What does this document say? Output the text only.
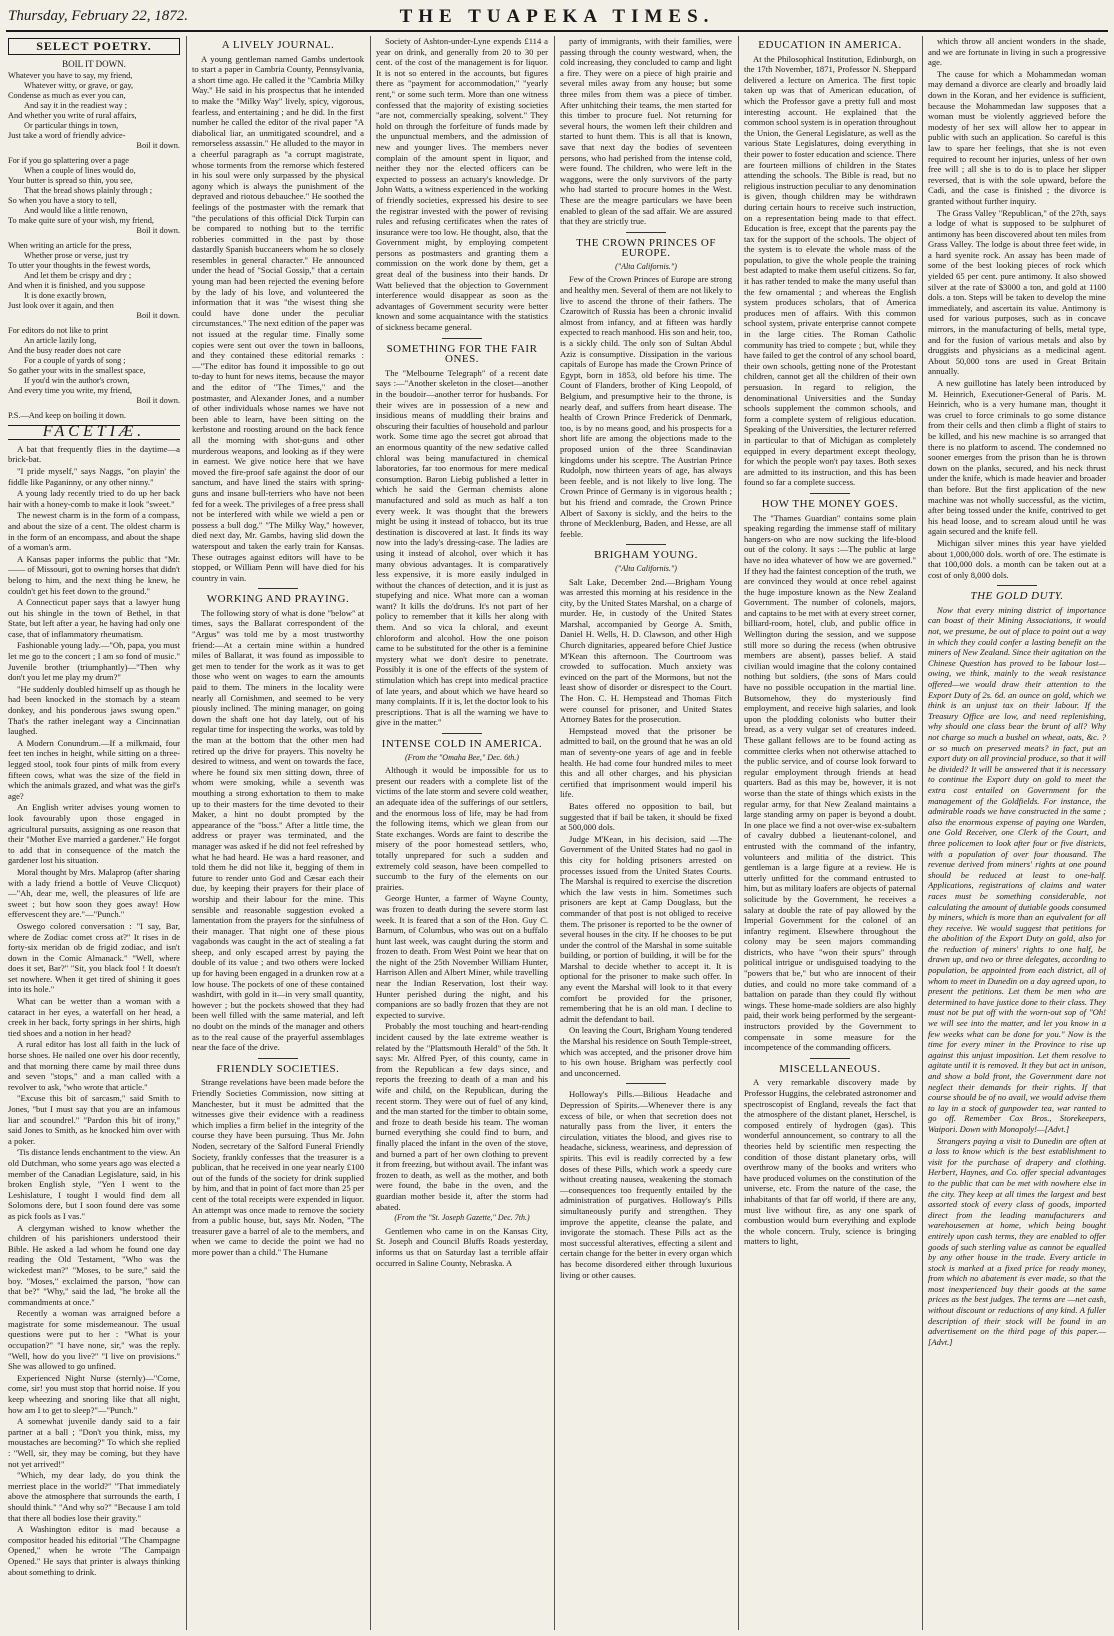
Thursday, February 22, 1872.	THE TUAPEKA TIMES.
SELECT POETRY.
BOIL IT DOWN.

Whatever you have to say, my friend,

Whatever witty, or grave, or gay,

Condense as much as ever you can,

And say it in the readiest way ;

And whether you write of rural affairs,

Or particular things in town,

Just take a word of friendly advice-

Boil it down.

For if you go splattering over a page

When a couple of lines would do,

Your butter is spread so thin, you see,

That the bread shows plainly through ;

So when you have a story to tell,

And would like a little renown,

To make quite sure of your wish, my friend,

Boil it down.

When writing an article for the press,

Whether prose or verse, just try

To utter your thoughts in the fewest words,

And let them be crispy and dry ;

And when it is finished, and you suppose

It is done exactly brown,

Just look over it again, and then

Boil it down.

For editors do not like to print

An article lazily long,

And the busy reader does not care

For a couple of yards of song ;

So gather your wits in the smallest space,

If you'd win the author's crown,

And every time you write, my friend,

Boil it down.

P.S.—And keep on boiling it down.

FACETIÆ.

A bat that frequently flies in the daytime—a brick-bat.

"I pride myself," says Naggs, "on playin' the fiddle like Paganinny, or any other ninny."

A young lady recently tried to do up her back hair with a honey-comb to make it look "sweet."

The newest charm is in the form of a compass, and about the size of a cent. The oldest charm is in the form of an encompass, and about the shape of a woman's arm.

A Kansas paper informs the public that "Mr. —— of Missouri, got to owning horses that didn't belong to him, and the next thing he knew, he couldn't get his feet down to the ground."

A Connecticut paper says that a lawyer hung out his shingle in the town of Bethel, in that State, but left after a year, he having had only one case, that of inflammatory rheumatism.

Fashionable young lady.—"Oh, papa, you must let me go to the concert ; I am so fond of music." Juvenile brother (triumphantly)—"Then why don't you let me play my drum?"

"He suddenly doubled himself up as though he had been knocked in the stomach by a steam donkey, and his ponderous jaws swung open." That's the rather inelegant way a Cincinnatian laughed.

A Modern Conundrum.—If a milkmaid, four feet ten inches in height, while sitting on a three-legged stool, took four pints of milk from every fifteen cows, what was the size of the field in which the animals grazed, and what was the girl's age?

An English writer advises young women to look favourably upon those engaged in agricultural pursuits, assigning as one reason that their "Mother Eve married a gardener." He forgot to add that in consequence of the match the gardener lost his situation.

Moral thought by Mrs. Malaprop (after sharing with a lady friend a bottle of Veuve Clicquot)—"Ah, dear me, well, the pleasures of life are sweet ; but how soon they goes away! How effervescent they are."—"Punch."

Oswego colored conversation : "I say, Bar, where de Zodiac comet cross at?" It rises in de forty-six meridan ob de frigid zodiac, and isn't down in the Comic Almanack." "Well, where does it set, Bar?" "Sit, you black fool ! It doesn't set nowhere. When it get tired of shining it goes into its hole."

What can be wetter than a woman with a cataract in her eyes, a waterfall on her head, a creek in her back, forty springs in her shirts, high tied shoes and a notion in her head?

A rural editor has lost all faith in the luck of horse shoes. He nailed one over his door recently, and that morning there came by mail three duns and seven "stops," and a man called with a revolver to ask, "who wrote that article."

"Excuse this bit of sarcasm," said Smith to Jones, "but I must say that you are an infamous liar and scoundrel." "Pardon this bit of irony," said Jones to Smith, as he knocked him over with a poker.

'Tis distance lends enchantment to the view. An old Dutchman, who some years ago was elected a member of the Canadian Legislature, said, in his broken English style, "Yen I went to the Leshislature, I tought I would find dem all Solomons dere, but I soon found dere vas some as pick fools as I vas."

A clergyman wished to know whether the children of his parishioners understood their Bible. He asked a lad whom he found one day reading the Old Testament, "Who was the wickedest man?" "Moses, to be sure," said the boy. "Moses," exclaimed the parson, "how can that be?" "Why," said the lad, "he broke all the commandments at once."

Recently a woman was arraigned before a magistrate for some misdemeanour. The usual questions were put to her : "What is your occupation?" "I have none, sir," was the reply. "Well, how do you live?" "I live on provisions." She was allowed to go unfined.

Experienced Night Nurse (sternly)—"Come, come, sir! you must stop that horrid noise. If you keep wheezing and snoring like that all night, how am I to get to sleep?"—"Punch."

A somewhat juvenile dandy said to a fair partner at a ball ; "Don't you think, miss, my moustaches are becoming?" To which she replied : "Well, sir, they may be coming, but they have not yet arrived!"

"Which, my dear lady, do you think the merriest place in the world?" "That immediately above the atmosphere that surrounds the earth, I should think." "And why so?" "Because I am told that there all bodies lose their gravity."

A Washington editor is mad because a compositor headed his editorial "The Champagne Opened," when he wrote "The Campaign Opened." He says that printer is always thinking about something to drink.

A LIVELY JOURNAL.

A young gentleman named Gambs undertook to start a paper in Cambria County, Pennsylvania, a short time ago. He called it the "Cambria Milky Way." He said in his prospectus that he intended to make the "Milky Way" lively, spicy, vigorous, fearless, and entertaining ; and he did. In the first number he called the editor of the rival paper "A diabolical liar, an unmitigated scoundrel, and a remorseless assassin." He alluded to the mayor in a cheerful paragraph as "a corrupt magistrate, whose torments from the remorse which festered in his soul were only surpassed by the physical agony which is always the punishment of the depraved and riotous debauchee." He soothed the feelings of the postmaster with the remark that "the peculations of this official Dick Turpin can be compared to nothing but to the terrific robberies committed in the past by those dastardly Spanish buccaneers whom he so closely resembles in general character." He announced under the head of "Social Gossip," that a certain young man had been rejected the evening before by the lady of his love, and volunteered the information that it was "the wisest thing she could have done under the peculiar circumstances." The next edition of the paper was not issued at the regular time. Finally some copies were sent out over the town in balloons, and they contained these editorial remarks :—"The editor has found it impossible to go out to-day to hunt for news items, because the mayor and the editor of "The Times," and the postmaster, and Alexander Jones, and a number of other individuals whose names we have not been able to learn, have been sitting on the kerbstone and roosting around on the back fence all the morning with shot-guns and other murderous weapons, and looking as if they were in earnest. We give notice here that we have moved the fire-proof safe against the door of our sanctum, and have lined the stairs with spring-guns and insane bull-terriers who have not been fed for a week. The privileges of a free press shall not be interfered with while we wield a pen or possess a bull dog." "The Milky Way," however, died next day, Mr. Gambs, having slid down the waterspout and taken the early train for Kansas. These outrages against editors will have to be stopped, or William Penn will have died for his country in vain.

WORKING AND PRAYING.

The following story of what is done "below" at times, says the Ballarat correspondent of the "Argus" was told me by a most trustworthy friend:—At a certain mine within a hundred miles of Ballarat, it was found as impossible to get men to tender for the work as it was to get those who went on wages to earn the amounts paid to them. The miners in the locality were nearly all Cornishmen, and seemed to be very piously inclined. The mining manager, on going down the shaft one hot day lately, out of his regular time for inspecting the works, was told by the man at the bottom that the other men had retired up the drive for prayers. This novelty he desired to witness, and went on towards the face, where he found six men sitting down, three of whom were smoking, while a seventh was mouthing a strong exhortation to them to make up to their masters for the time devoted to their Maker, a hint no doubt prompted by the appearance of the "boss." After a little time, the address or prayer was terminated, and the manager was asked if he did not feel refreshed by what he had heard. He was a hard reasoner, and told them he did not like it, begging of them in future to render unto God and Cæsar each their due, by keeping their prayers for their place of worship and their labour for the mine. This sensible and reasonable suggestion evoked a lamentation from the prayers for the sinfulness of their manager. That night one of these pious vagabonds was caught in the act of stealing a fat sheep, and only escaped arrest by paying the double of its value ; and two others were locked up for having been engaged in a drunken row at a low house. The pockets of one of these contained washdirt, with gold in it—in very small quantity, however ; but the pockets showed that they had been well filled with the same material, and left no doubt on the minds of the manager and others as to the real cause of the prayerful assemblages near the face of the drive.

FRIENDLY SOCIETIES.

Strange revelations have been made before the Friendly Societies Commission, now sitting at Manchester, but it must be admitted that the witnesses give their evidence with a readiness which implies a firm belief in the integrity of the course they have been pursuing. Thus Mr. John Noden, secretary of the Salford Funeral Friendly Society, frankly confesses that the treasurer is a publican, that he received in one year nearly £100 out of the funds of the society for drink supplied by him, and that in point of fact more than 25 per cent of the total receipts were expended in liquor. An attempt was once made to remove the society from a public house, but, says Mr. Noden, "The treasurer gave a barrel of ale to the members, and when we came to decide the point we had no more power than a child." The Humane

Society of Ashton-under-Lyne expends £114 a year on drink, and generally from 20 to 30 per cent. of the cost of the management is for liquor. It is not so entered in the accounts, but figures there as "payment for accommodation," "yearly rent," or some such term. More than one witness confessed that the majority of existing societies "are not, commercially speaking, solvent." They hold on through the forfeiture of funds made by the unpunctual members, and the admission of new and younger lives. The members never complain of the amount spent in liquor, and neither they nor the elected officers can be expected to possess an actuary's knowledge. Dr John Watts, a witness experienced in the working of friendly societies, expressed his desire to see the registrar invested with the power of revising rules and refusing certificates when the rates of insurance were too low. He thought, also, that the Government might, by employing competent persons as postmasters and granting them a commission on the work done by them, get a great deal of the business into their hands. Dr Watt believed that the objection to Government interference would disappear as soon as the advantages of Government security were better known and some acquaintance with the statistics of sickness became general.

SOMETHING FOR THE FAIR ONES.

The "Melbourne Telegraph" of a recent date says :—"Another skeleton in the closet—another in the boudoir—another terror for husbands. For their wives are in possession of a new and insidious means of muddling their brains and obscuring their faculties of household and parlour work. Some time ago the secret got abroad that an enormous quantity of the new sedative called chloral was being manufactured in chemical laboratories, far too enormous for mere medical consumption. Baron Liebig published a letter in which he said the German chemists alone manufactured and sold as much as half a ton every week. It was thought that the brewers might be using it instead of tobacco, but its true destination is discovered at last. It finds its way now into the lady's dressing-case. The ladies are using it instead of alcohol, over which it has many obvious advantages. It is comparatively less expensive, it is more easily indulged in without the chances of detection, and it is just as stupefying and nice. What more can a woman want? It kills the do'druns. It's not part of her policy to remember that it kills her along with them. And so vica la chloral, and exeunt chloroform and alcohol. How the one poison came to be substituted for the other is a feminine mystery what we don't desire to penetrate. Possibly it is one of the effects of the system of stimulation which has crept into medical practice of late years, and about which we have heard so many complaints. If it is, let the doctor look to his prescriptions. That is all the warning we have to give in the matter."

INTENSE COLD IN AMERICA.
(From the "Omaha Bee," Dec. 6th.)

Although it would be impossible for us to present our readers with a complete list of the victims of the late storm and severe cold weather, an adequate idea of the sufferings of our settlers, and the enormous loss of life, may be had from the following items, which we glean from our State exchanges. Words are faint to describe the misery of the poor homestead settlers, who, totally unprepared for such a sudden and extremely cold season, have been compelled to succumb to the fury of the elements on our prairies.

George Hunter, a farmer of Wayne County, was frozen to death during the severe storm last week. It is feared that a son of the Hon. Guy C. Barnum, of Columbus, who was out on a buffalo hunt last week, was caught during the storm and frozen to death. From West Point we hear that on the night of the 25th November William Hunter, Harrison Allen and Albert Miner, while travelling near the Indian Reservation, lost their way. Hunter perished during the night, and his companions are so badly frozen that they are not expected to survive.

Probably the most touching and heart-rending incident caused by the late extreme weather is related by the "Plattsmouth Herald" of the 5th. It says: Mr. Alfred Pyer, of this county, came in from the Republican a few days since, and reports the freezing to death of a man and his wife and child, on the Republican, during the recent storm. They were out of fuel of any kind, and the man started for the timber to obtain some, and froze to death beside his team. The woman burned everything she could find to burn, and finally placed the infant in the oven of the stove, and burned a part of her own clothing to prevent it from freezing, but without avail. The infant was frozen to death, as well as the mother, and both were found, the babe in the oven, and the guardian mother beside it, after the storm had abated.

(From the "St. Joseph Gazette," Dec. 7th.)

Gentlemen who came in on the Kansas City, St. Joseph and Council Bluffs Roads yesterday, informs us that on Saturday last a terrible affair occurred in Saline County, Nebraska. A

party of immigrants, with their families, were passing through the county westward, when, the cold increasing, they concluded to camp and light a fire. They were on a piece of high prairie and several miles away from any house; but some three miles from them was a piece of timber. After unhitching their teams, the men started for this timber to procure fuel. Not returning for several hours, the women left their children and started to hunt them. This is all that is known, save that next day the bodies of seventeen persons, who had perished from the intense cold, were found. The children, who were left in the waggons, were the only survivors of the party who had started to procure homes in the West. These are the meagre particulars we have been enabled to glean of the sad affair. We are assured that they are strictly true.

THE CROWN PRINCES OF EUROPE.
("Alta Californis.")

Few of the Crown Princes of Europe are strong and healthy men. Several of them are not likely to live to ascend the throne of their fathers. The Czarowitch of Russia has been a chronic invalid almost from infancy, and at fifteen was hardly expected to reach manhood. His son and heir, too, is a sickly child. The only son of Sultan Abdul Aziz is consumptive. Dissipation in the various capitals of Europe has made the Crown Prince of Egypt, born in 1853, old before his time. The Count of Flanders, brother of King Leopold, of Belgium, and presumptive heir to the throne, is nearly deaf, and suffers from heart disease. The health of Crown Prince Frederick of Denmark, too, is by no means good, and his prospects for a short life are among the objections made to the proposed union of the three Scandinavian kingdoms under his sceptre. The Austrian Prince Rudolph, now thirteen years of age, has always been feeble, and is not likely to live long. The Crown Prince of Germany is in vigorous health ; but his friend and comrade, the Crown Prince Albert of Saxony is sickly, and the heirs to the throne of Mecklenburg, Baden, and Hesse, are all feeble.

BRIGHAM YOUNG.
("Alta Californis.")

Salt Lake, December 2nd.—Brigham Young was arrested this morning at his residence in the city, by the United States Marshal, on a charge of murder. He, in custody of the United States Marshal, accompanied by George A. Smith, Daniel H. Wells, H. D. Clawson, and other High Church dignitaries, appeared before Chief Justice M'Kean this afternoon. The Courtroom was crowded to suffocation. Much anxiety was evinced on the part of the Mormons, but not the least show of disorder or disrespect to the Court. The Hon. C. H. Hempstead and Thomas Fitch were counsel for prisoner, and United States Attorney Bates for the prosecution.

Hempstead moved that the prisoner be admitted to bail, on the ground that he was an old man of seventy-one years of age and in feeble health. He had come four hundred miles to meet this and all other charges, and his physician certified that imprisonment would imperil his life.

Bates offered no opposition to bail, but suggested that if bail be taken, it should be fixed at 500,000 dols.

Judge M'Kean, in his decision, said —The Government of the United States had no gaol in this city for holding prisoners arrested on processes issued from the United States Courts. The Marshal is required to exercise the discretion which the law vests in him. Sometimes such prisoners are kept at Camp Douglass, but the commander of that post is not obliged to receive them. The prisoner is reported to be the owner of several houses in the city. If he chooses to be put under the control of the Marshal in some suitable building, or portion of building, it will be for the Marshal to decide whether to accept it. It is optional for the prisoner to make such offer. In any event the Marshal will look to it that every comfort be provided for the prisoner, remembering that he is an old man. I decline to admit the defendant to bail.

On leaving the Court, Brigham Young tendered the Marshal his residence on South Temple-street, which was accepted, and the prisoner drove him to his own house. Brigham was perfectly cool and unconcerned.

Holloway's Pills.—Bilious Headache and Depression of Spirits.—Whenever there is any excess of bile, or when that secretion does not naturally pass from the liver, it enters the circulation, vitiates the blood, and gives rise to headache, sickness, weariness, and depression of spirits. This evil is readily corrected by a few doses of these Pills, which work a speedy cure without creating nausea, weakening the stomach —consequences too frequently entailed by the administration of purgatives. Holloway's Pills simultaneously purify and strengthen. They improve the appetite, cleanse the palate, and invigorate the stomach. These Pills act as the most successful alteratives, effecting a silent and certain change for the better in every organ which has become disordered either through luxurious living or other causes.

EDUCATION IN AMERICA.

At the Philosophical Institution, Edinburgh, on the 17th November, 1871, Professor N. Sheppard delivered a lecture on America. The first topic taken up was that of American education, of which the Professor gave a pretty full and most interesting account. He explained that the common school system is in operation throughout the Union, the General Legislature, as well as the various State Legislatures, doing everything in their power to foster education and science. There are fourteen millions of children in the States attending the schools. The Bible is read, but no religious instruction peculiar to any denomination is given, though children may be withdrawn during certain hours to receive such instruction, on a representation being made to that effect. Education is free, except that the parents pay the tax for the support of the schools. The object of the system is to elevate the whole mass of the population, to give the whole people the training best adapted to make them useful citizens. So far, it has rather tended to make the many useful than the few ornamental ; and whereas the English system produces scholars, that of America produces men of affairs. With this common school system, private enterprise cannot compete in the large cities. The Roman Catholic community has tried to compete ; but, while they have failed to get the control of any school board, their own schools, getting none of the Protestant children, cannot get all the children of their own persuasion. In regard to religion, the denominational Universities and the Sunday schools supplement the common schools, and form a complete system of religious education. Speaking of the Universities, the lecturer referred in particular to that of Michigan as completely equipped in every department except theology, for which the people won't pay taxes. Both sexes are admitted to its instruction, and this has been found so far a complete success.

HOW THE MONEY GOES.

The "Thames Guardian" contains some plain speaking regarding the immense staff of military hangers-on who are now sucking the life-blood out of the colony. It says :—The public at large have no idea whatever of how we are governed." If they had the faintest conception of the truth, we are convinced they would at once rebel against the huge imposture known as the New Zealand Government. The number of colonels, majors, and captains to be met with at every street corner, billiard-room, hotel, club, and public office in Wellington during the session, and we suppose still more so during the recess (when obtrusive members are absent), passes belief. A staid civilian would imagine that the colony contained nothing but soldiers, (the sons of Mars could have no possible occupation in the martial line. Butsomehow, they do mysteriously find employment, and receive high salaries, and look upon the plodding colonists who butter their bread, as a very vulgar set of creatures indeed. These gallant fellows are to be found acting as committee clerks when not otherwise attached to the public service, and of course look forward to regular employment through friends at head quarters. Bad as this may be, however, it is not worse than the state of things which exists in the regular army, for that New Zealand maintains a large standing army on paper is beyond a doubt. In one place we find a not over-wise ex-subaltern of cavalry dubbed a lieutenant-colonel, and entrusted with the command of the infantry, volunteers and militia of the district. This gentleman is a large figure at a review. He is utterly unfitted for the command entrusted to him, but as military loafers are objects of paternal solicitude by the Government, he receives a salary at double the rate of pay allowed by the Imperial Government for the colonel of an infantry regiment. Elsewhere throughout the colony may be seen majors commanding districts, who have "won their spurs" through political intrigue or undisguised toadying to the "powers that be," but who are innocent of their duties, and could no more take command of a battalion on parade than they could fly without wings. These home-made soldiers are also highly paid, their work being performed by the sergeant-instructors provided by the Government to compensate in some measure for the incompetence of the commanding officers.

MISCELLANEOUS.

A very remarkable discovery made by Professor Huggins, the celebrated astronomer and spectroscopist of England, reveals the fact that the atmosphere of the distant planet, Herschel, is composed entirely of hydrogen (gas). This wonderful announcement, so contrary to all the theories held by scientific men respecting the condition of those distant planetary orbs, will overthrow many of the books and writers who have produced volumes on the constitution of the universe, etc. From the nature of the case, the inhabitants of that far off world, if there are any, must live without fire, as any one spark of combustion would burn everything and explode the whole concern. Truly, science is bringing matters to light,

which throw all ancient wonders in the shade, and we are fortunate in living in such a progressive age.

The cause for which a Mohammedan woman may demand a divorce are clearly and broadly laid down in the Koran, and her evidence is sufficient, because the Mohammedan law supposes that a woman must be violently aggrieved before the modesty of her sex will allow her to appear in public with such an application. So careful is this law to spare her feelings, that she is not even required to recount her injuries, unless of her own free will ; all she is to do is to place her slipper reversed, that is with the sole upward, before the Cadi, and the case is finished ; the divorce is granted without further inquiry.

The Grass Valley "Republican," of the 27th, says a lodge of what is supposed to be sulphuret of antimony has been discovered about ten miles from Grass Valley. The lodge is about three feet wide, in a hard syenite rock. An assay has been made of some of the best looking pieces of rock which yielded 65 per cent. pure antimony. It also showed silver at the rate of $3000 a ton, and gold at 1100 dols. a ton. Steps will be taken to develop the mine immediately, and ascertain its value. Antimony is used for various purposes, such as in concave mirrors, in the manufacturing of bells, metal type, and for the fusion of various metals and also by druggists and physicians as a medicinal agent. About 50,000 tons are used in Great Britain annually.

A new guillotine has lately been introduced by M. Heinrich, Executioner-General of Paris. M. Heinrich, who is a very humane man, thought it was cruel to force criminals to go some distance from their cells and then climb a flight of stairs to be killed, and his new machine is so arranged that there is no platform to ascend. The condemned no sooner emerges from the prison than he is thrown down on the planks, secured, and his neck thrust under the knife, which is made heavier and broader than before. But the first application of the new machine was not wholly successful, as the victim, after being tossed under the knife, contrived to get his head loose, and to scream aloud until he was again secured and the knife fell.

Michigan silver mines this year have yielded about 1,000,000 dols. worth of ore. The estimate is that 100,000 dols. a month can be taken out at a cost of only 8,000 dols.

THE GOLD DUTY.

Now that every mining district of importance can boast of their Mining Associations, it would not, we presume, be out of place to point out a way in which they could confer a lasting benefit on the miners of New Zealand. Since their agitation on the Chinese Question has proved to be labour lost—owing, we think, mainly to the weak resistance offered—we would draw their attention to the Export Duty of 2s. 6d. an ounce on gold, which we think is an unjust tax on their labour. If the Treasury Office are low, and need replenishing, why should one class bear the brunt of all? Why not charge so much a bushel on wheat, oats, &c. ? or so much on preserved meats? in fact, put an export duty on all provincial produce, so that it will be divided? It will be answered that it is necessary to continue the Export duty on gold to meet the extra cost entailed on Government for the management of the Goldfields. For instance, the admirable roads we have constructed in the same ; also the enormous expense of paying one Warden, one Gold Receiver, one Clerk of the Court, and three policemen to look after four or five districts, with a population of over four thousand. The revenue derived from miners' rights at one pound should be reduced at least to one-half. Applications, registrations of claims and water races must be something considerable, not calculating the amount of dutiable goods consumed by miners, which is more than an equivalent for all they receive. We would suggest that petitions for the abolition of the Export Duty on gold, also for the reduction of miners' rights to one half, be drawn up, and two or three delegates, according to population, be appointed from each district, all of whom to meet in Dunedin on a day agreed upon, to present the petitions. Let them be men who are determined to have justice done to their class. They must not be put off with the worn-out sop of "Oh! we will see into the matter, and let you know in a few weeks what can be done for you." Now is the time for every miner in the Province to rise up against this unjust imposition. Let them resolve to agitate until it is removed. It they but act in unison, and show a bold front, the Government dare not neglect their demands for their rights. If that course should be of no avail, we would advise them to lay in a stock of gunpowder tea, war ranted to go off. Remember Cox Bros., Storekeepers, Waipori. Down with Monopoly!—[Advt.]

Strangers paying a visit to Dunedin are often at a loss to know which is the best establishment to visit for the purchase of drapery and clothing. Herbert, Haynes, and Co. offer special advantages to the public that can be met with nowhere else in the city. They keep at all times the largest and best assorted stock of every class of goods, imported direct from the leading manufacturers and warehousemen at home, which being bought entirely upon cash terms, they are enabled to offer goods of such sterling value as cannot be equalled by any other house in the trade. Every article in stock is marked at a fixed price for ready money, from which no abatement is ever made, so that the most inexperienced buy their goods at the same prices as the best judges. The terms are —net cash, without discount or reductions of any kind. A fuller description of their stock will be found in an advertisement on the third page of this paper.—[Advt.]
